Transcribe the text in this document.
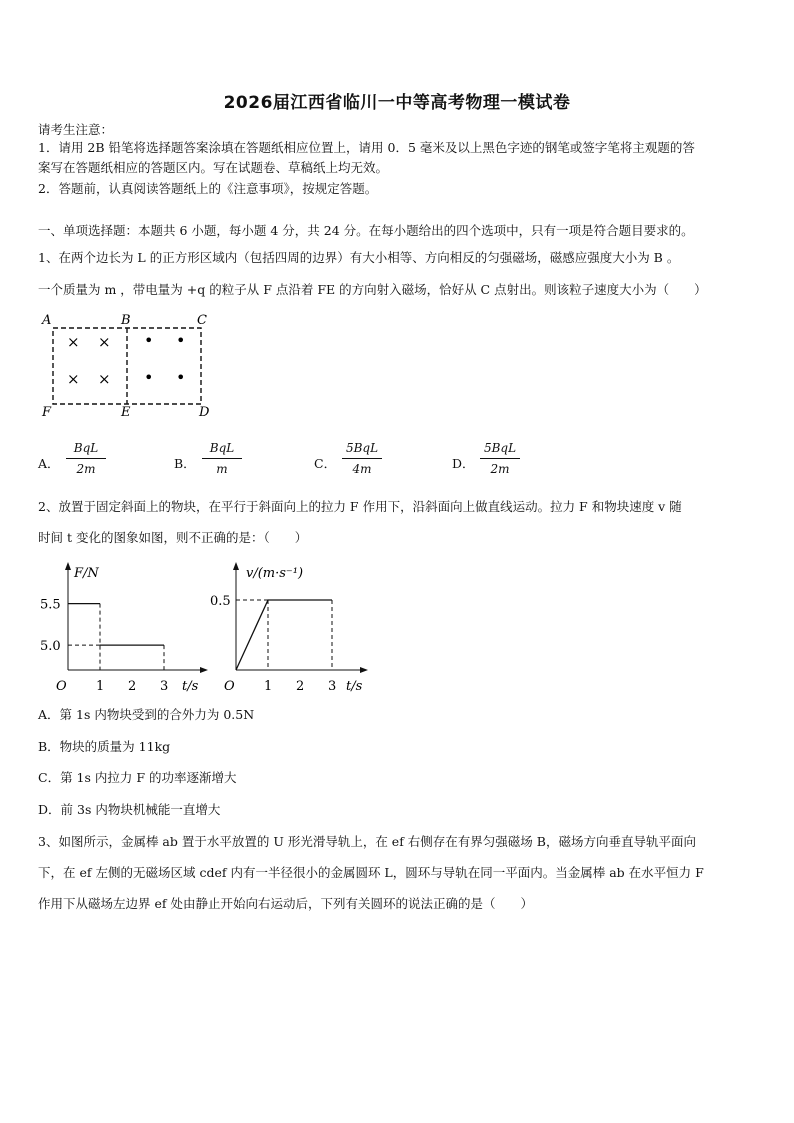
2026届江西省临川一中等高考物理一模试卷
请考生注意：
1．请用 2B 铅笔将选择题答案涂填在答题纸相应位置上，请用 0．5 毫米及以上黑色字迹的钢笔或签字笔将主观题的答
案写在答题纸相应的答题区内。写在试题卷、草稿纸上均无效。
2．答题前，认真阅读答题纸上的《注意事项》，按规定答题。
一、单项选择题：本题共 6 小题，每小题 4 分，共 24 分。在每小题给出的四个选项中，只有一项是符合题目要求的。
1、在两个边长为 L 的正方形区域内（包括四周的边界）有大小相等、方向相反的匀强磁场，磁感应强度大小为 B 。
一个质量为 m ，带电量为 +q 的粒子从 F 点沿着 FE 的方向射入磁场，恰好从 C 点射出。则该粒子速度大小为（　　）
A	B	C
F	E	D
× ×
× ×
• •
• •
A．
BqL
2m	B．
BqL
m	C．
5BqL
4m	D．
5BqL
2m
2、放置于固定斜面上的物块，在平行于斜面向上的拉力 F 作用下，沿斜面向上做直线运动。拉力 F 和物块速度 v 随
时间 t 变化的图象如图，则不正确的是：（　　）
F/N
t/s
O
5.5
5.0
1 2 3
v/(m·s⁻¹)
t/s
O
0.5
1 2 3
A．第 1s 内物块受到的合外力为 0.5N
B．物块的质量为 11kg
C．第 1s 内拉力 F 的功率逐渐增大
D．前 3s 内物块机械能一直增大
3、如图所示，金属棒 ab 置于水平放置的 U 形光滑导轨上，在 ef 右侧存在有界匀强磁场 B，磁场方向垂直导轨平面向
下，在 ef 左侧的无磁场区域 cdef 内有一半径很小的金属圆环 L，圆环与导轨在同一平面内。当金属棒 ab 在水平恒力 F
作用下从磁场左边界 ef 处由静止开始向右运动后，下列有关圆环的说法正确的是（　　）
